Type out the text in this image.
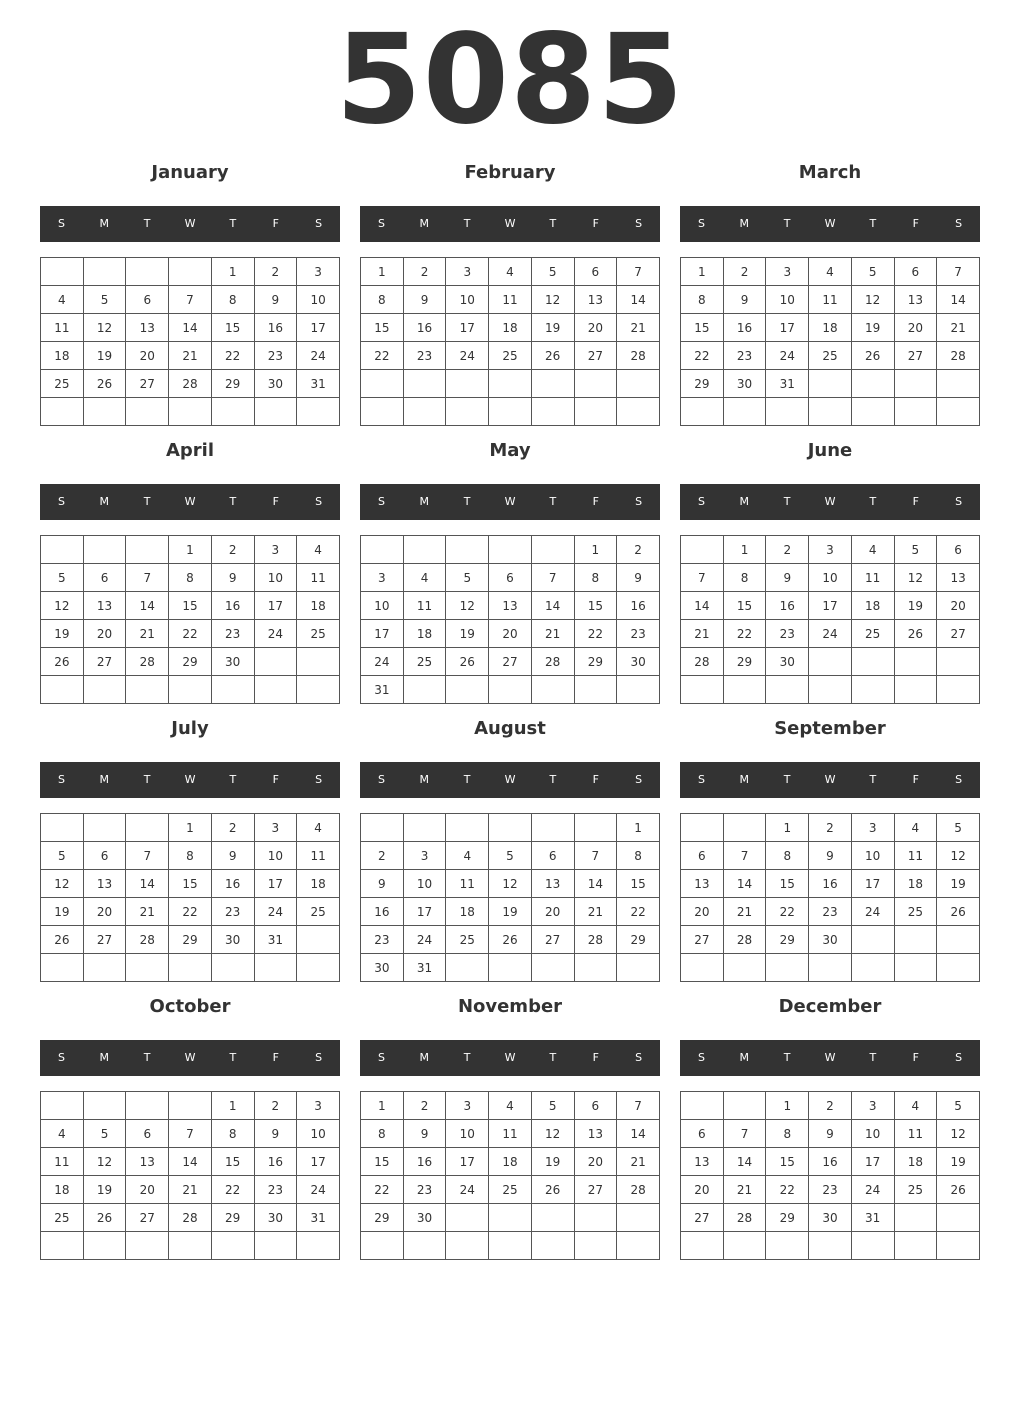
5085
January
S	M	T	W	T	F	S
				1	2	3
4	5	6	7	8	9	10
11	12	13	14	15	16	17
18	19	20	21	22	23	24
25	26	27	28	29	30	31

February
S	M	T	W	T	F	S
1	2	3	4	5	6	7
8	9	10	11	12	13	14
15	16	17	18	19	20	21
22	23	24	25	26	27	28

March
S	M	T	W	T	F	S
1	2	3	4	5	6	7
8	9	10	11	12	13	14
15	16	17	18	19	20	21
22	23	24	25	26	27	28
29	30	31				

April
S	M	T	W	T	F	S
			1	2	3	4
5	6	7	8	9	10	11
12	13	14	15	16	17	18
19	20	21	22	23	24	25
26	27	28	29	30		

May
S	M	T	W	T	F	S
					1	2
3	4	5	6	7	8	9
10	11	12	13	14	15	16
17	18	19	20	21	22	23
24	25	26	27	28	29	30
31						
June
S	M	T	W	T	F	S
	1	2	3	4	5	6
7	8	9	10	11	12	13
14	15	16	17	18	19	20
21	22	23	24	25	26	27
28	29	30				

July
S	M	T	W	T	F	S
			1	2	3	4
5	6	7	8	9	10	11
12	13	14	15	16	17	18
19	20	21	22	23	24	25
26	27	28	29	30	31	

August
S	M	T	W	T	F	S
						1
2	3	4	5	6	7	8
9	10	11	12	13	14	15
16	17	18	19	20	21	22
23	24	25	26	27	28	29
30	31					
September
S	M	T	W	T	F	S
		1	2	3	4	5
6	7	8	9	10	11	12
13	14	15	16	17	18	19
20	21	22	23	24	25	26
27	28	29	30			

October
S	M	T	W	T	F	S
				1	2	3
4	5	6	7	8	9	10
11	12	13	14	15	16	17
18	19	20	21	22	23	24
25	26	27	28	29	30	31

November
S	M	T	W	T	F	S
1	2	3	4	5	6	7
8	9	10	11	12	13	14
15	16	17	18	19	20	21
22	23	24	25	26	27	28
29	30					

December
S	M	T	W	T	F	S
		1	2	3	4	5
6	7	8	9	10	11	12
13	14	15	16	17	18	19
20	21	22	23	24	25	26
27	28	29	30	31		
